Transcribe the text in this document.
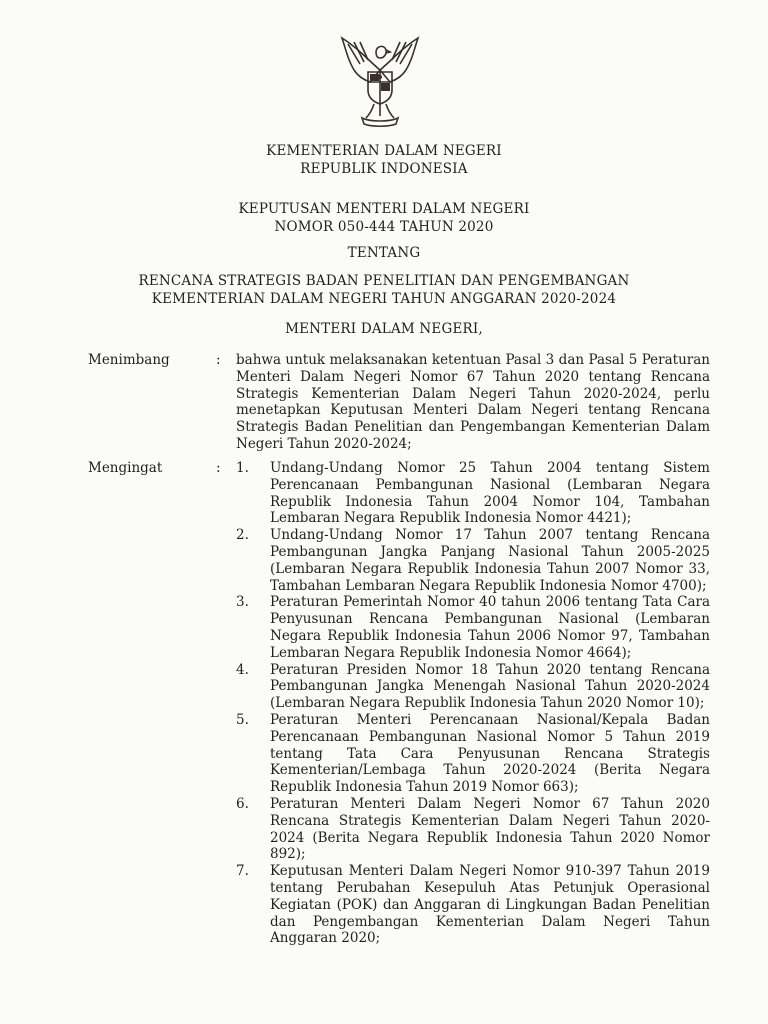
KEMENTERIAN DALAM NEGERI
REPUBLIK INDONESIA
KEPUTUSAN MENTERI DALAM NEGERI
NOMOR 050-444 TAHUN 2020
TENTANG
RENCANA STRATEGIS BADAN PENELITIAN DAN PENGEMBANGAN
KEMENTERIAN DALAM NEGERI TAHUN ANGGARAN 2020-2024
MENTERI DALAM NEGERI,
Menimbang	: bahwa untuk melaksanakan ketentuan Pasal 3 dan Pasal 5 Peraturan Menteri Dalam Negeri Nomor 67 Tahun 2020 tentang Rencana Strategis Kementerian Dalam Negeri Tahun 2020-2024, perlu menetapkan Keputusan Menteri Dalam Negeri tentang Rencana Strategis Badan Penelitian dan Pengembangan Kementerian Dalam Negeri Tahun 2020-2024;
Mengingat	: 1.	Undang-Undang Nomor 25 Tahun 2004 tentang Sistem Perencanaan Pembangunan Nasional (Lembaran Negara Republik Indonesia Tahun 2004 Nomor 104, Tambahan Lembaran Negara Republik Indonesia Nomor 4421);
2.	Undang-Undang Nomor 17 Tahun 2007 tentang Rencana Pembangunan Jangka Panjang Nasional Tahun 2005-2025 (Lembaran Negara Republik Indonesia Tahun 2007 Nomor 33, Tambahan Lembaran Negara Republik Indonesia Nomor 4700);
3.	Peraturan Pemerintah Nomor 40 tahun 2006 tentang Tata Cara Penyusunan Rencana Pembangunan Nasional (Lembaran Negara Republik Indonesia Tahun 2006 Nomor 97, Tambahan Lembaran Negara Republik Indonesia Nomor 4664);
4.	Peraturan Presiden Nomor 18 Tahun 2020 tentang Rencana Pembangunan Jangka Menengah Nasional Tahun 2020-2024 (Lembaran Negara Republik Indonesia Tahun 2020 Nomor 10);
5.	Peraturan Menteri Perencanaan Nasional/Kepala Badan Perencanaan Pembangunan Nasional Nomor 5 Tahun 2019 tentang Tata Cara Penyusunan Rencana Strategis Kementerian/Lembaga Tahun 2020-2024 (Berita Negara Republik Indonesia Tahun 2019 Nomor 663);
6.	Peraturan Menteri Dalam Negeri Nomor 67 Tahun 2020 Rencana Strategis Kementerian Dalam Negeri Tahun 2020-2024 (Berita Negara Republik Indonesia Tahun 2020 Nomor 892);
7.	Keputusan Menteri Dalam Negeri Nomor 910-397 Tahun 2019 tentang Perubahan Kesepuluh Atas Petunjuk Operasional Kegiatan (POK) dan Anggaran di Lingkungan Badan Penelitian dan Pengembangan Kementerian Dalam Negeri Tahun Anggaran 2020;
